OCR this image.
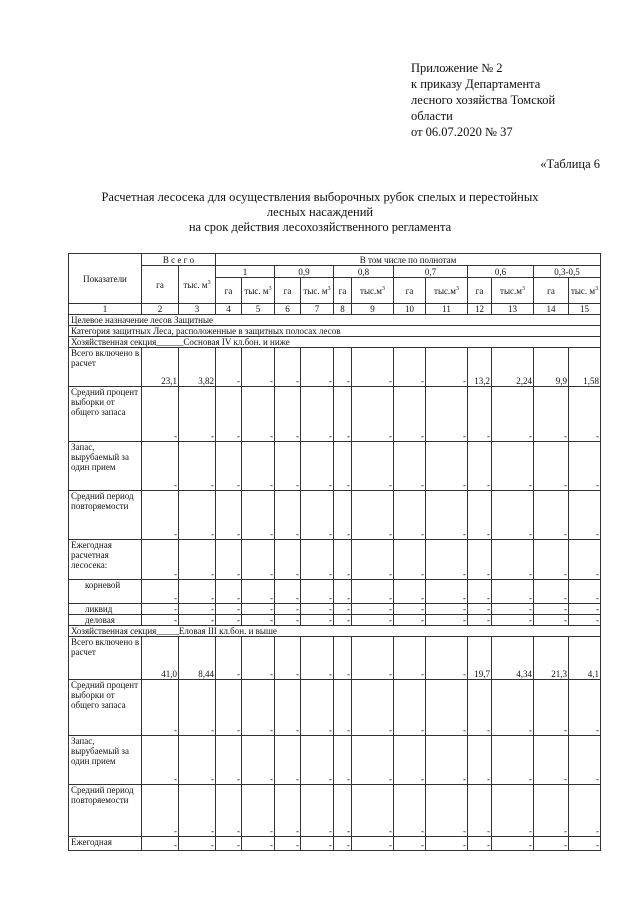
Приложение № 2
к приказу Департамента
лесного хозяйства Томской
области
от 06.07.2020 № 37
«Таблица 6
Расчетная лесосека для осуществления выборочных рубок спелых и перестойных
лесных насаждений
на срок действия лесохозяйственного регламента
Показатели	В с е г о		В том числе по полнотам											
	га	тыс. $м^3$	1		0,9		0,8		0,7		0,6		0,3-0,5	
			га	тыс. $м^3$	га	тыс. $м^3$	га	$тыс.м^3$	га	$тыс.м^3$	га	$тыс.м^3$	га	тыс. $м^3$
1	2	3	4	5	6	7	8	9	10	11	12	13	14	15
Целевое назначение лесов Защитные														
Категория защитных Леса, расположенные в защитных полосах лесов														
Хозяйственная секция______Сосновая IV кл.бон. и ниже														
Всего включено в расчет	23,1	3,82	-	-	-	-	-	-	-	-	13,2	2,24	9,9	1,58
Средний процент выборки от общего запаса	-	-	-	-	-	-	-	-	-	-	-	-	-	-
Запас, вырубаемый за один прием	-	-	-	-	-	-	-	-	-	-	-	-	-	-
Средний период повторяемости	-	-	-	-	-	-	-	-	-	-	-	-	-	-
Ежегодная расчетная лесосека:	-	-	-	-	-	-	-	-	-	-	-	-	-	-
корневой	-	-	-	-	-	-	-	-	-	-	-	-	-	-
ликвид	-	-	-	-	-	-	-	-	-	-	-	-	-	-
деловая	-	-	-	-	-	-	-	-	-	-	-	-	-	-
Хозяйственная секция_____Еловая III кл.бон. и выше														
Всего включено в расчет	41,0	8,44	-	-	-	-	-	-	-	-	19,7	4,34	21,3	4,1
Средний процент выборки от общего запаса	-	-	-	-	-	-	-	-	-	-	-	-	-	-
Запас, вырубаемый за один прием	-	-	-	-	-	-	-	-	-	-	-	-	-	-
Средний период повторяемости	-	-	-	-	-	-	-	-	-	-	-	-	-	-
Ежегодная	-	-	-	-	-	-	-	-	-	-	-	-	-	-
